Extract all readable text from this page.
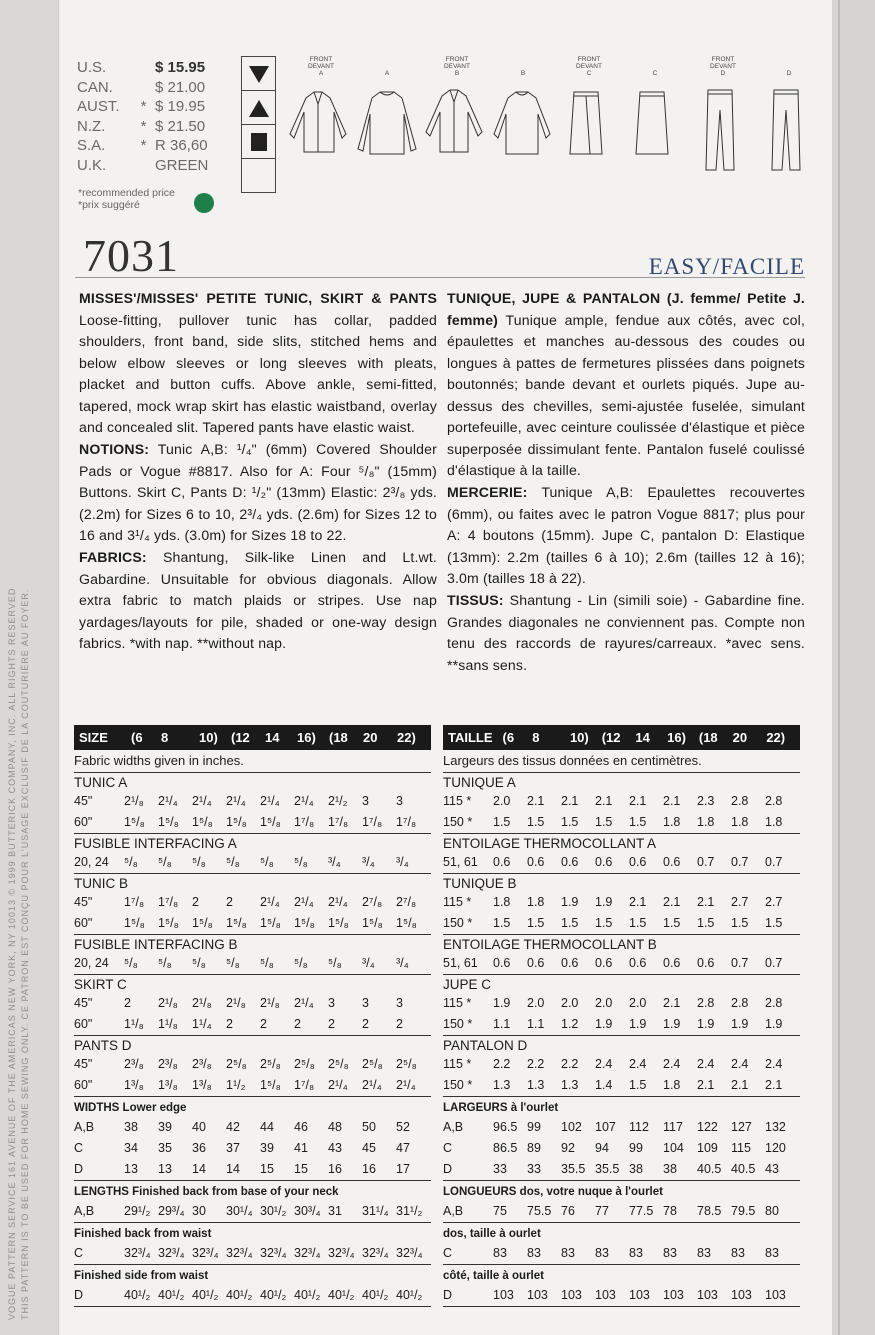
VOGUE PATTERN SERVICE 161 AVENUE OF THE AMERICAS NEW YORK, NY 10013 © 1999 BUTTERICK COMPANY, INC. ALL RIGHTS RESERVED THIS PATTERN IS TO BE USED FOR HOME SEWING ONLY. CE PATRON EST CONÇU POUR L'USAGE EXCLUSIF DE LA COUTURIÈRE AU FOYER.
U.S.	$ 15.95
CAN.	$ 21.00
AUST.	* $ 19.95
N.Z.	* $ 21.50
S.A.	* R 36,60
U.K.	GREEN
*recommended price
*prix suggéré
FRONT
DEVANT
A	A
FRONT
DEVANT
B	B
FRONT
DEVANT
C	C
FRONT
DEVANT
D	D
7031	EASY/FACILE

MISSES'/MISSES' PETITE TUNIC, SKIRT & PANTS Loose-fitting, pullover tunic has collar, padded shoulders, front band, side slits, stitched hems and below elbow sleeves or long sleeves with pleats, placket and button cuffs. Above ankle, semi-fitted, tapered, mock wrap skirt has elastic waistband, overlay and concealed slit. Tapered pants have elastic waist.

NOTIONS: Tunic A,B: ¹/₄" (6mm) Covered Shoulder Pads or Vogue #8817. Also for A: Four ⁵/₈" (15mm) Buttons. Skirt C, Pants D: ¹/₂" (13mm) Elastic: 2³/₈ yds. (2.2m) for Sizes 6 to 10, 2³/₄ yds. (2.6m) for Sizes 12 to 16 and 3¹/₄ yds. (3.0m) for Sizes 18 to 22.

FABRICS: Shantung, Silk-like Linen and Lt.wt. Gabardine. Unsuitable for obvious diagonals. Allow extra fabric to match plaids or stripes. Use nap yardages/layouts for pile, shaded or one-way design fabrics. *with nap. **without nap.

TUNIQUE, JUPE & PANTALON (J. femme/ Petite J. femme) Tunique ample, fendue aux côtés, avec col, épaulettes et manches au-dessous des coudes ou longues à pattes de fermetures plissées dans poignets boutonnés; bande devant et ourlets piqués. Jupe au-dessus des chevilles, semi-ajustée fuselée, simulant portefeuille, avec ceinture coulissée d'élastique et pièce superposée dissimulant fente. Pantalon fuselé coulissé d'élastique à la taille.

MERCERIE: Tunique A,B: Epaulettes recouvertes (6mm), ou faites avec le patron Vogue 8817; plus pour A: 4 boutons (15mm). Jupe C, pantalon D: Elastique (13mm): 2.2m (tailles 6 à 10); 2.6m (tailles 12 à 16); 3.0m (tailles 18 à 22).

TISSUS: Shantung - Lin (simili soie) - Gabardine fine. Grandes diagonales ne conviennent pas. Compte non tenu des raccords de rayures/carreaux. *avec sens. **sans sens.

SIZE	(6	8	10)	(12	14	16)	(18	20	22)
Fabric widths given in inches.
TUNIC A
45"	2¹/₈	2¹/₄	2¹/₄	2¹/₄	2¹/₄	2¹/₄	2¹/₂	3	3
60"	1⁵/₈	1⁵/₈	1⁵/₈	1⁵/₈	1⁵/₈	1⁷/₈	1⁷/₈	1⁷/₈	1⁷/₈
FUSIBLE INTERFACING A
20, 24	⁵/₈	⁵/₈	⁵/₈	⁵/₈	⁵/₈	⁵/₈	³/₄	³/₄	³/₄
TUNIC B
45"	1⁷/₈	1⁷/₈	2	2	2¹/₄	2¹/₄	2¹/₄	2⁷/₈	2⁷/₈
60"	1⁵/₈	1⁵/₈	1⁵/₈	1⁵/₈	1⁵/₈	1⁵/₈	1⁵/₈	1⁵/₈	1⁵/₈
FUSIBLE INTERFACING B
20, 24	⁵/₈	⁵/₈	⁵/₈	⁵/₈	⁵/₈	⁵/₈	⁵/₈	³/₄	³/₄
SKIRT C
45"	2	2¹/₈	2¹/₈	2¹/₈	2¹/₈	2¹/₄	3	3	3
60"	1¹/₈	1¹/₈	1¹/₄	2	2	2	2	2	2
PANTS D
45"	2³/₈	2³/₈	2³/₈	2⁵/₈	2⁵/₈	2⁵/₈	2⁵/₈	2⁵/₈	2⁵/₈
60"	1³/₈	1³/₈	1³/₈	1¹/₂	1⁵/₈	1⁷/₈	2¹/₄	2¹/₄	2¹/₄
WIDTHS Lower edge
A,B	38	39	40	42	44	46	48	50	52
C	34	35	36	37	39	41	43	45	47
D	13	13	14	14	15	15	16	16	17
LENGTHS Finished back from base of your neck
A,B	29¹/₂ 29³/₄ 30	30¹/₄ 30¹/₂ 30³/₄ 31	31¹/₄ 31¹/₂
Finished back from waist
C	32³/₄ 32³/₄ 32³/₄ 32³/₄ 32³/₄ 32³/₄ 32³/₄ 32³/₄ 32³/₄
Finished side from waist
D	40¹/₂ 40¹/₂ 40¹/₂ 40¹/₂ 40¹/₂ 40¹/₂ 40¹/₂ 40¹/₂ 40¹/₂
TAILLE (6	8	10) (12	14	16) (18	20	22)
Largeurs des tissus données en centimètres.
TUNIQUE A
115 *	2.0	2.1	2.1	2.1	2.1	2.1	2.3	2.8	2.8
150 *	1.5	1.5	1.5	1.5	1.5	1.8	1.8	1.8	1.8
ENTOILAGE THERMOCOLLANT A
51, 61	0.6	0.6	0.6	0.6	0.6	0.6	0.7	0.7	0.7
TUNIQUE B
115 *	1.8	1.8	1.9	1.9	2.1	2.1	2.1	2.7	2.7
150 *	1.5	1.5	1.5	1.5	1.5	1.5	1.5	1.5	1.5
ENTOILAGE THERMOCOLLANT B
51, 61	0.6	0.6	0.6	0.6	0.6	0.6	0.6	0.7	0.7
JUPE C
115 *	1.9	2.0	2.0	2.0	2.0	2.1	2.8	2.8	2.8
150 *	1.1	1.1	1.2	1.9	1.9	1.9	1.9	1.9	1.9
PANTALON D
115 *	2.2	2.2	2.2	2.4	2.4	2.4	2.4	2.4	2.4
150 *	1.3	1.3	1.3	1.4	1.5	1.8	2.1	2.1	2.1
LARGEURS à l'ourlet
A,B	96.5 99	102	107	112	117	122	127	132
C	86.5 89	92	94	99	104	109	115	120
D	33	33	35.5 35.5 38	38	40.5 40.5 43
LONGUEURS dos, votre nuque à l'ourlet
A,B	75	75.5 76	77	77.5 78	78.5 79.5 80
dos, taille à ourlet
C	83	83	83	83	83	83	83	83	83
côté, taille à ourlet
D	103	103	103	103	103	103	103	103	103
